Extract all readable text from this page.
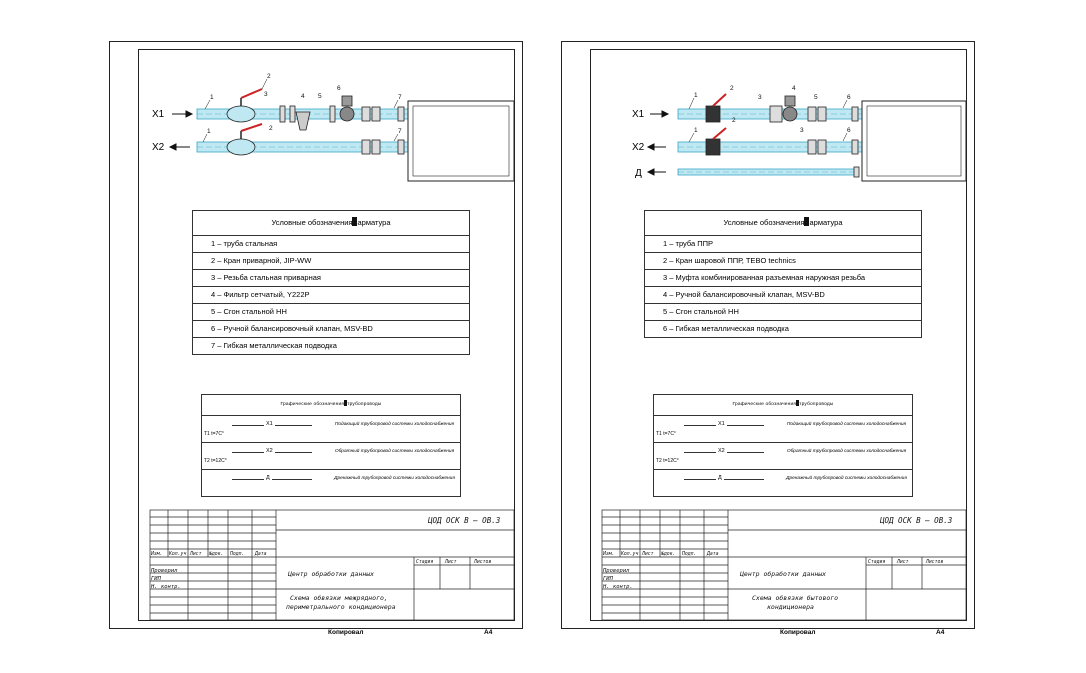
X1
X2
1
2
3	4 5
6
7
1	2	7
Условные обозначения арматура
1 – труба стальная
2 – Кран приварной, JIP-WW
3 – Резьба стальная приварная
4 – Фильтр сетчатый, Y222P
5 – Сгон стальной НН
6 – Ручной балансировочный клапан, MSV-BD
7 – Гибкая металлическая подводка
Графические обозначения трубопроводы
X1
T1 t=7C°
Подающий трубопровод системы холодоснабжения
X2
T2 t=12C°
Обратный трубопровод системы холодоснабжения
Д	Дренажный трубопровод системы холодоснабжения
ЦОД ОСК В – ОВ.3
Изм. Кол.уч Лист №док. Подп. Дата
Проверил
ГИП
Н. контр.
Стадия Лист	Листов
Центр обработки данных
Схема обвязки межрядного,
периметрального кондиционера
Копировал	A4
X1
X2
Д
1
2
3
4
5	6
1
2
3	6
Условные обозначения арматура
1 – труба ППР
2 – Кран шаровой ППР, TEBO technics
3 – Муфта комбинированная разъемная наружная резьба
4 – Ручной балансировочный клапан, MSV-BD
5 – Сгон стальной НН
6 – Гибкая металлическая подводка
Графические обозначения трубопроводы
X1
T1 t=7C°
Подающий трубопровод системы холодоснабжения
X2
T2 t=12C°
Обратный трубопровод системы холодоснабжения
Д	Дренажный трубопровод системы холодоснабжения
ЦОД ОСК В – ОВ.3
Изм. Кол.уч Лист №док. Подп. Дата
Проверил
ГИП
Н. контр.
Стадия Лист	Листов
Центр обработки данных
Схема обвязки бытового
кондиционера
Копировал	A4
